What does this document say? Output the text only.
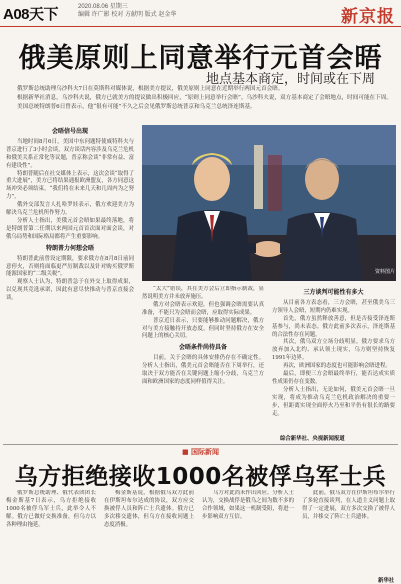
A08天下	2020.08.06 星期三
编辑 许广影 校对 方献明 版式 赵金华	新京报
俄美原则上同意举行元首会晤
地点基本商定，时间或在下周

俄罗斯总统助理乌沙科夫7日在莫斯科对媒体说，根据美方提议，俄美原则上同意在近期举行两国元首会晤。

根据新华社消息，乌沙科夫说，俄方已就美方的提议做出积极回应，“原则上同意举行会晤”。乌沙科夫说，双方基本商定了会晤地点，时间可能在下周。

美国总统特朗普6日曾表示，他“很有可能”不久之后会见俄罗斯总统普京和乌克兰总统泽连斯基。

会晤信号出现

当地时间8月6日，美国中东问题特使威特科夫与普京进行了3小时会谈，双方谈话内容涉及乌克兰危机和俄美关系正常化等议题，普京称会谈“非常有益、富有建设性”。

特朗普随后在社交媒体上表示，这次会谈“取得了重大进展”，美方已将结果通报欧洲盟友，各方同意这场冲突必须结束，“我们将在未来几天和几周内为之努力”。

俄外交部发言人扎哈罗娃表示，俄方欢迎美方为解决乌克兰危机所作努力。

分析人士指出，美俄元首会晤如果最终落地，将是特朗普第二任期以来两国元首首次面对面会谈，对俄乌局势和国际格局都将产生重要影响。

特朗普力何想会晤

特朗普此前曾设定期限，要求俄方在8月8日前同意停火，否则将面临更严厉制裁以及针对购买俄罗斯能源国家的“二级关税”。

观察人士认为，特朗普急于在外交上取得成果，以兑现其竞选承诺，因此有意尽快推动与普京直接会谈。

“太大”错误，其在美方会后立即指示制裁，显然说明美方并未放弃施压。

俄方对会晤表示欢迎，但也强调会晤需要认真准备，不能只为会晤而会晤，应取得实际成果。

普京近日表示，只要能够推动问题解决，俄方对与美方接触持开放态度，但同时坚持俄方在安全问题上的核心关切。

会晤条件尚待具备

目前，关于会晤的具体安排仍存在不确定性。分析人士指出，俄美元首会晤能否在下周举行，还取决于双方能否在关键问题上缩小分歧，乌克兰方面和欧洲国家的态度同样值得关注。

三方谈判可能性有多大

从目前各方表态看，三方会晤，甚至俄美乌三方领导人会晤，短期内仍难实现。

首先，俄方虽然释放善意，但是否接受泽连斯基参与，尚未表态。俄方此前多次表示，泽连斯基的合法性存在问题。

其次，俄乌双方立场分歧明显。俄方要求乌方放弃加入北约、承认领土现实，乌方则坚持恢复1991年边界。

再次，欧洲国家的态度也可能影响会晤进程。

最后，即便三方会晤最终举行，能否达成实质性成果仍存在变数。

分析人士指出，无论如何，俄美元首会晤一旦实现，将成为推动乌克兰危机政治解决的重要一步，但距离实现全面停火乃至和平仍有很长的路要走。

资料图片
综合新华社、央视新闻报道
■ 国际新闻
乌方拒绝接收1000名被俘乌军士兵

俄罗斯总统助理、俄代表团团长梅金斯基7日表示，乌方拒绝接收1000名被俘乌军士兵，此举令人不解。俄方已做好交换准备，但乌方以各种理由拖延。

梅金斯基说，根据俄乌双方此前在伊斯坦布尔达成的协议，双方应交换被俘人员和阵亡士兵遗体。俄方已多次移交遗体，但乌方在接收问题上态度消极。

乌方对此尚未作出回应。分析人士认为，交换战俘是俄乌之间为数不多的合作领域，如果这一机制受阻，将进一步影响双方互信。

此前，俄乌双方在伊斯坦布尔举行了多轮直接谈判，在人道主义问题上取得了一定进展，双方多次交换了被俘人员，并移交了阵亡士兵遗体。

新华社
